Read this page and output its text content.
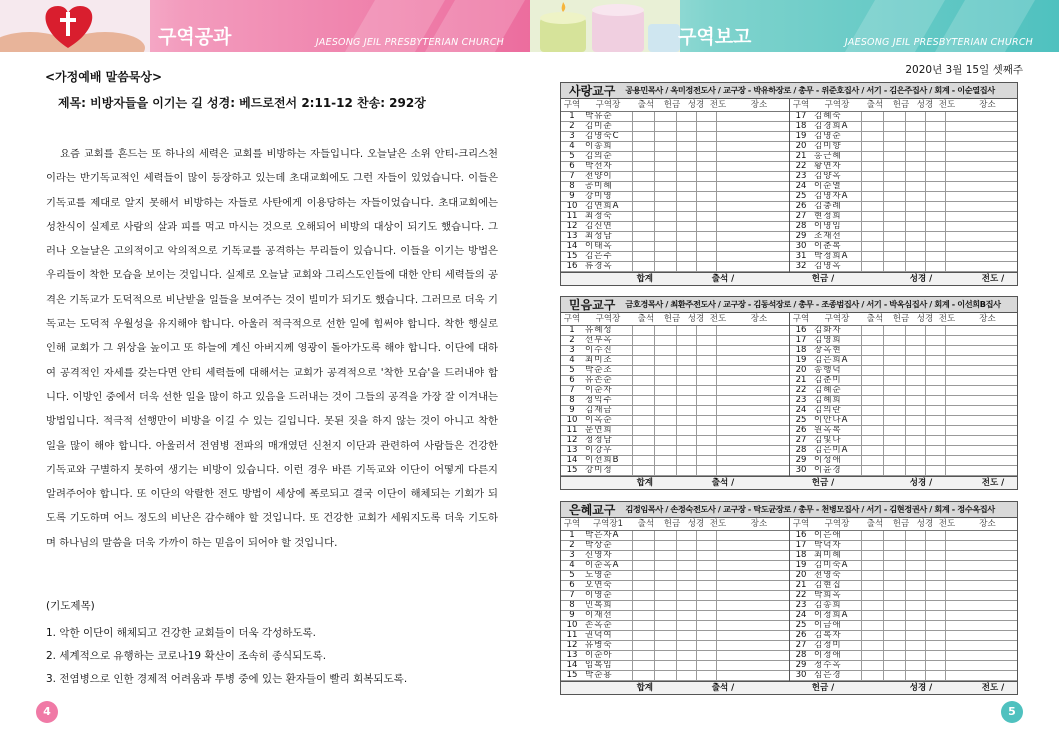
구역공과	JAESONG JEIL PRESBYTERIAN CHURCH	구역보고	JAESONG JEIL PRESBYTERIAN CHURCH
<가정예배 말씀묵상>
제목: 비방자들을 이기는 길 성경: 베드로전서 2:11-12 찬송: 292장

요즘 교회를 흔드는 또 하나의 세력은 교회를 비방하는 자들입니다. 오늘날은 소위 안티-크리스천이라는 반기독교적인 세력들이 많이 등장하고 있는데 초대교회에도 그런 자들이 있었습니다. 이들은 기독교를 제대로 알지 못해서 비방하는 자들로 사탄에게 이용당하는 자들이었습니다. 초대교회에는 성찬식이 실제로 사람의 살과 피를 먹고 마시는 것으로 오해되어 비방의 대상이 되기도 했습니다. 그러나 오늘날은 고의적이고 악의적으로 기독교를 공격하는 무리들이 있습니다. 이들을 이기는 방법은 우리들이 착한 모습을 보이는 것입니다. 실제로 오늘날 교회와 그리스도인들에 대한 안티 세력들의 공격은 기독교가 도덕적으로 비난받을 일들을 보여주는 것이 빌미가 되기도 했습니다. 그러므로 더욱 기독교는 도덕적 우월성을 유지해야 합니다. 아울러 적극적으로 선한 일에 힘써야 합니다. 착한 행실로 인해 교회가 그 위상을 높이고 또 하늘에 계신 아버지께 영광이 돌아가도록 해야 합니다. 이단에 대하여 공격적인 자세를 갖는다면 안티 세력들에 대해서는 교회가 공격적으로 '착한 모습'을 드러내야 합니다. 이방인 중에서 더욱 선한 일을 많이 하고 있음을 드러내는 것이 그들의 공격을 가장 잘 이겨내는 방법입니다. 적극적 선행만이 비방을 이길 수 있는 길입니다. 못된 짓을 하지 않는 것이 아니고 착한 일을 많이 해야 합니다. 아울러서 전염병 전파의 매개였던 신천지 이단과 관련하여 사람들은 건강한 기독교와 구별하지 못하여 생기는 비방이 있습니다. 이런 경우 바른 기독교와 이단이 어떻게 다른지 알려주어야 합니다. 또 이단의 악랄한 전도 방법이 세상에 폭로되고 결국 이단이 해체되는 기회가 되도록 기도하며 어느 정도의 비난은 감수해야 할 것입니다. 또 건강한 교회가 세워지도록 더욱 기도하며 하나님의 말씀을 더욱 가까이 하는 믿음이 되어야 할 것입니다.

(기도제목)
1. 악한 이단이 해체되고 건강한 교회들이 더욱 각성하도록.
2. 세계적으로 유행하는 코로나19 확산이 조속히 종식되도록.
3. 전염병으로 인한 경제적 어려움과 투병 중에 있는 환자들이 빨리 회복되도록.
4
2020년 3월 15일 셋째주
사랑교구 공용민목사 / 옥미정전도사 / 교구장 - 박유하장로 / 총무 - 위준호집사 / 서기 - 김은주집사 / 회계 - 이순열집사
구역	구역장	출석	헌금 성경 전도	장소
1	박유순
2	김미준
3	김명숙C
4	이송희
5	김의순
6	박선자
7	전양이
8	공미혜
9	강미영
10 김연희A
11 최정숙
12 김신연
13 최성남
14 이태옥
15 김은주
16 류경옥
구역	구역장	출석	헌금 성경 전도	장소
17 김혜숙
18 김경희A
19 김명순
20 김미향
21 홍근혜
22 황연자
23 김양옥
24 이순열
25 김명자A
26 김충례
27 현정희
28 이명임
29 조재선
30 이춘복
31 박정희A
32 김명옥
합계	출석 /	헌금 /	성경 /	전도 /
믿음교구 금호경목사 / 최환주전도사 / 교구장 - 김동석장로 / 총무 - 조종범집사 / 서기 - 박옥심집사 / 회계 - 이선희B집사
구역	구역장	출석	헌금 성경 전도	장소
1	유혜성
2	선부옥
3	이수진
4	최미조
5	박순조
6	유손순
7	이순자
8	정익주
9	김재금
10 이옥순
11 문연희
12 정정남
13 이강우
14 이선희B
15 강미정
구역	구역장	출석	헌금 성경 전도	장소
16 김화자
17 김영희
18 장옥현
19 김은희A
20 송행덕
21 김춘미
22 김혜순
23 김혜희
24 김의란
25 이안나A
26 원옥복
27 김빛나
28 김은미A
29 이성애
30 이윤경
합계	출석 /	헌금 /	성경 /	전도 /
은혜교구 김정임목사 / 손정숙전도사 / 교구장 - 탁도균장로 / 총무 - 천병모집사 / 서기 - 김현정권사 / 회계 - 정수옥집사
구역	구역장1	출석	헌금 성경 전도	장소
1	박은자A
2	박상순
3	신영자
4	이순옥A
5	노영순
6	오연숙
7	이영순
8	민복희
9	이재선
10 손옥순
11 권덕여
12 유병숙
13 이순아
14 임복임
15 박순용
구역	구역장	출석	헌금 성경 전도	장소
16 이은애
17 박덕자
18 최미혜
19 김미숙A
20 전영숙
21 김현집
22 박희옥
23 김송희
24 이정희A
25 이금애
26 김복자
27 김정미
28 이정애
29 정수옥
30 심은경
합계	출석 /	헌금 /	성경 /	전도 /
5
